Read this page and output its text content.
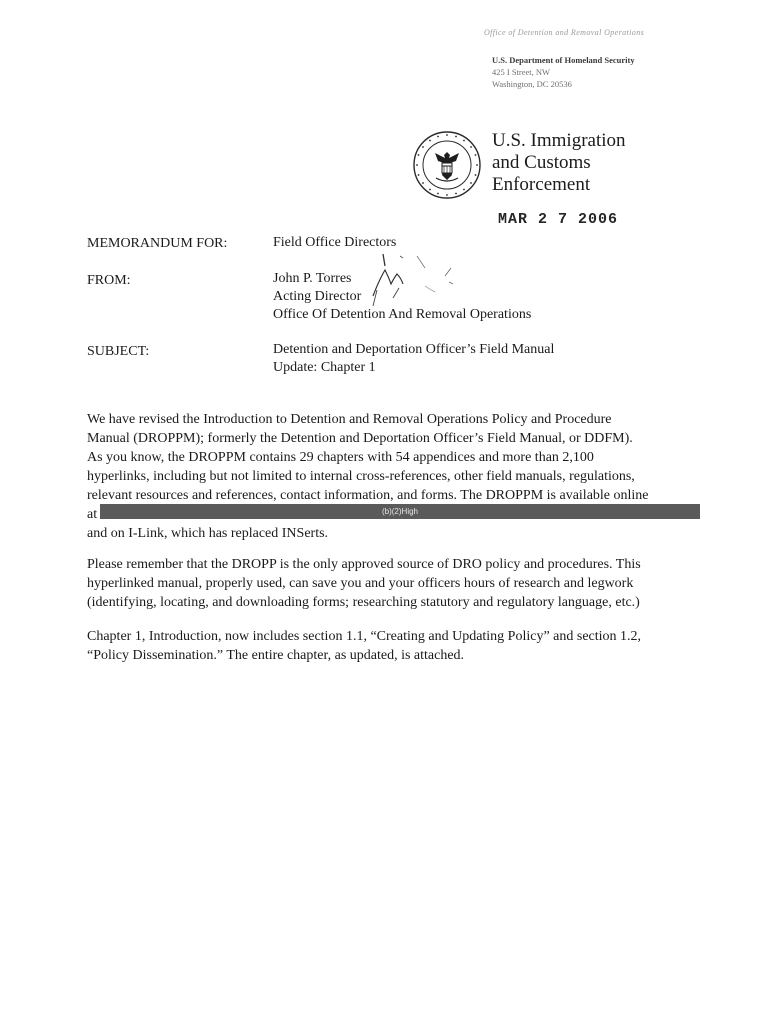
Office of Detention and Removal Operations
U.S. Department of Homeland Security
425 I Street, NW
Washington, DC 20536
U.S. Immigration
and Customs
Enforcement
MAR 2 7 2006
MEMORANDUM FOR:	Field Office Directors
FROM:	John P. Torres
Acting Director
Office Of Detention And Removal Operations
SUBJECT:	Detention and Deportation Officer’s Field Manual
Update: Chapter 1
We have revised the Introduction to Detention and Removal Operations Policy and Procedure
Manual (DROPPM); formerly the Detention and Deportation Officer’s Field Manual, or DDFM).
As you know, the DROPPM contains 29 chapters with 54 appendices and more than 2,100
hyperlinks, including but not limited to internal cross-references, other field manuals, regulations,
relevant resources and references, contact information, and forms. The DROPPM is available online
at
and on I-Link, which has replaced INSerts.
(b)(2)High
Please remember that the DROPP is the only approved source of DRO policy and procedures. This
hyperlinked manual, properly used, can save you and your officers hours of research and legwork
(identifying, locating, and downloading forms; researching statutory and regulatory language, etc.)
Chapter 1, Introduction, now includes section 1.1, “Creating and Updating Policy” and section 1.2,
“Policy Dissemination.” The entire chapter, as updated, is attached.
